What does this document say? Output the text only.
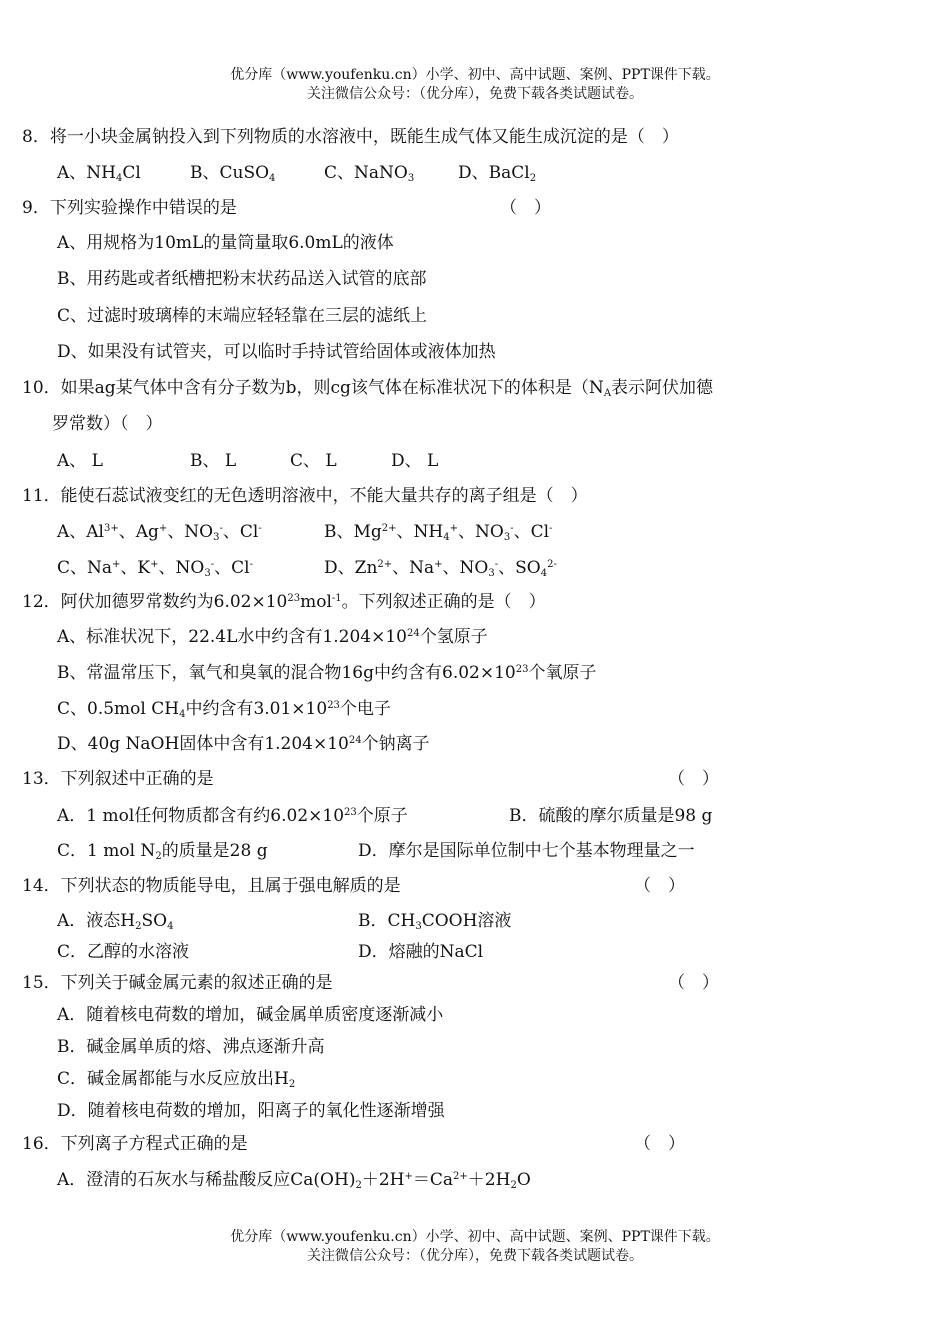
优分库（www.youfenku.cn）小学、初中、高中试题、案例、PPT课件下载。
关注微信公众号：（优分库），免费下载各类试题试卷。
8．将一小块金属钠投入到下列物质的水溶液中，既能生成气体又能生成沉淀的是（　）
A、$NH_4Cl$	B、CuSO$_4$	C、NaNO$_3$	D、BaCl$_2$
9．下列实验操作中错误的是	（　）
A、用规格为10mL的量筒量取6.0mL的液体
B、用药匙或者纸槽把粉末状药品送入试管的底部
C、过滤时玻璃棒的末端应轻轻靠在三层的滤纸上
D、如果没有试管夹，可以临时手持试管给固体或液体加热
10．如果ag某气体中含有分子数为b，则cg该气体在标准状况下的体积是（$N_A$表示阿伏加德
罗常数）（　）
A、 L	B、 L	C、 L	D、 L
11．能使石蕊试液变红的无色透明溶液中，不能大量共存的离子组是（　）
A、$Al^{3+}$、Ag+、$NO_3^-$、Cl-	B、$Mg^{2+}$、$NH_4^+$、$NO_3^-$、Cl-
C、Na+、K+、$NO_3^-$、Cl-	D、$Zn^{2+}$、Na+、$NO_3^-$、$SO_4^{2-}$
12．阿伏加德罗常数约为$6.02\times 10^{23}mol^{-1}$。下列叙述正确的是（　）
A、标准状况下，22.4L水中约含有$1.204\times 10^{24}$个氢原子
B、常温常压下，氧气和臭氧的混合物16g中约含有$6.02\times 10^{23}$个氧原子
C、0.5mol $CH_4$中约含有$3.01\times 10^{23}$个电子
D、40g NaOH固体中含有$1.204\times 10^{24}$个钠离子
13．下列叙述中正确的是	（　）
A．1 mol任何物质都含有约$6.02\times 10^{23}$个原子	B．硫酸的摩尔质量是98 g
C．1 mol $N_2$的质量是28 g	D．摩尔是国际单位制中七个基本物理量之一
14．下列状态的物质能导电，且属于强电解质的是	（　）
A．液态$H_2SO_4$	B．$CH_3COOH$溶液
C．乙醇的水溶液	D．熔融的NaCl
15．下列关于碱金属元素的叙述正确的是	（　）
A．随着核电荷数的增加，碱金属单质密度逐渐减小
B．碱金属单质的熔、沸点逐渐升高
C．碱金属都能与水反应放出$H_2$
D．随着核电荷数的增加，阳离子的氧化性逐渐增强
16．下列离子方程式正确的是	（　）
A．澄清的石灰水与稀盐酸反应$Ca(OH)_2+2H^+=Ca^{2+}+2H_2O$
优分库（www.youfenku.cn）小学、初中、高中试题、案例、PPT课件下载。
关注微信公众号：（优分库），免费下载各类试题试卷。
